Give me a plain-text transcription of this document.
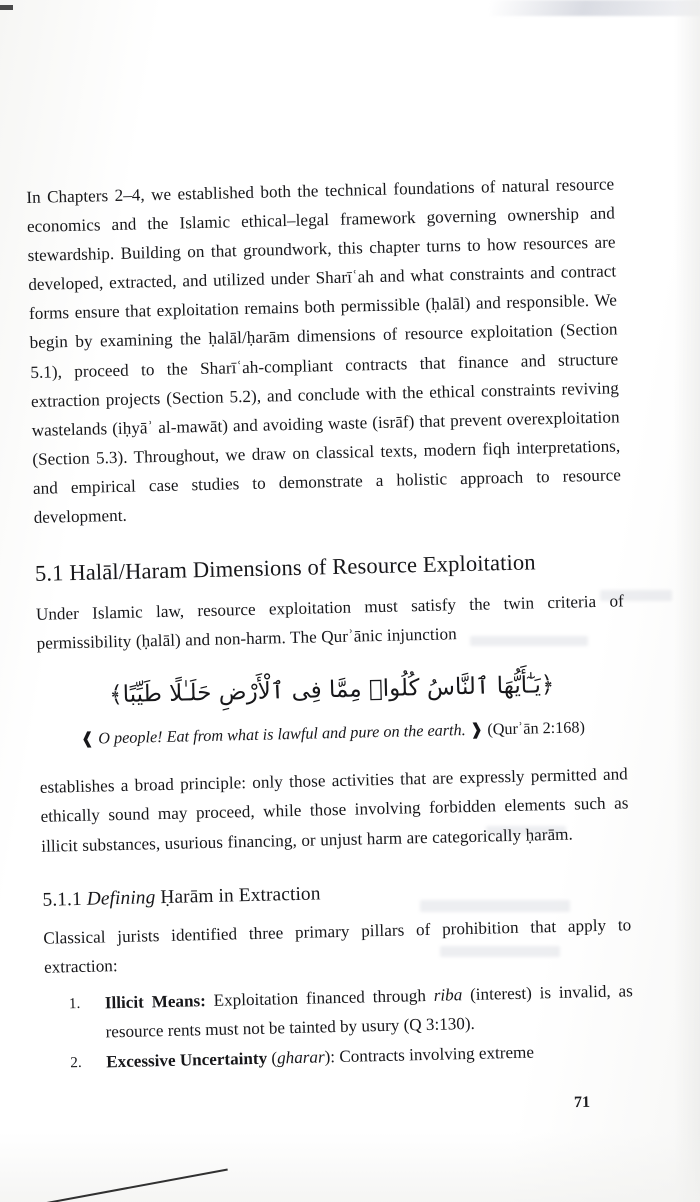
In Chapters 2–4, we established both the technical foundations of natural resource economics and the Islamic ethical–legal framework governing ownership and stewardship. Building on that groundwork, this chapter turns to how resources are developed, extracted, and utilized under Sharīʿah and what constraints and contract forms ensure that exploitation remains both permissible (ḥalāl) and responsible. We begin by examining the ḥalāl/ḥarām dimensions of resource exploitation (Section 5.1), proceed to the Sharīʿah-compliant contracts that finance and structure extraction projects (Section 5.2), and conclude with the ethical constraints reviving wastelands (iḥyāʾ al-mawāt) and avoiding waste (isrāf) that prevent overexploitation (Section 5.3). Throughout, we draw on classical texts, modern fiqh interpretations, and empirical case studies to demonstrate a holistic approach to resource development.

5.1 Halāl/Haram Dimensions of Resource Exploitation

Under Islamic law, resource exploitation must satisfy the twin criteria of permissibility (ḥalāl) and non-harm. The Qurʾānic injunction

﴿يَـٰٓأَيُّهَا ٱلنَّاسُ كُلُوا۟ مِمَّا فِى ٱلْأَرْضِ حَلَـٰلًا طَيِّبًا﴾
❰ O people! Eat from what is lawful and pure on the earth. ❱ (Qurʾān 2:168)

establishes a broad principle: only those activities that are expressly permitted and ethically sound may proceed, while those involving forbidden elements such as illicit substances, usurious financing, or unjust harm are categorically ḥarām.

5.1.1 Defining Ḥarām in Extraction

Classical jurists identified three primary pillars of prohibition that apply to extraction:

1. Illicit Means: Exploitation financed through riba (interest) is invalid, as resource rents must not be tainted by usury (Q 3:130).
2. Excessive Uncertainty (gharar): Contracts involving extreme
71
